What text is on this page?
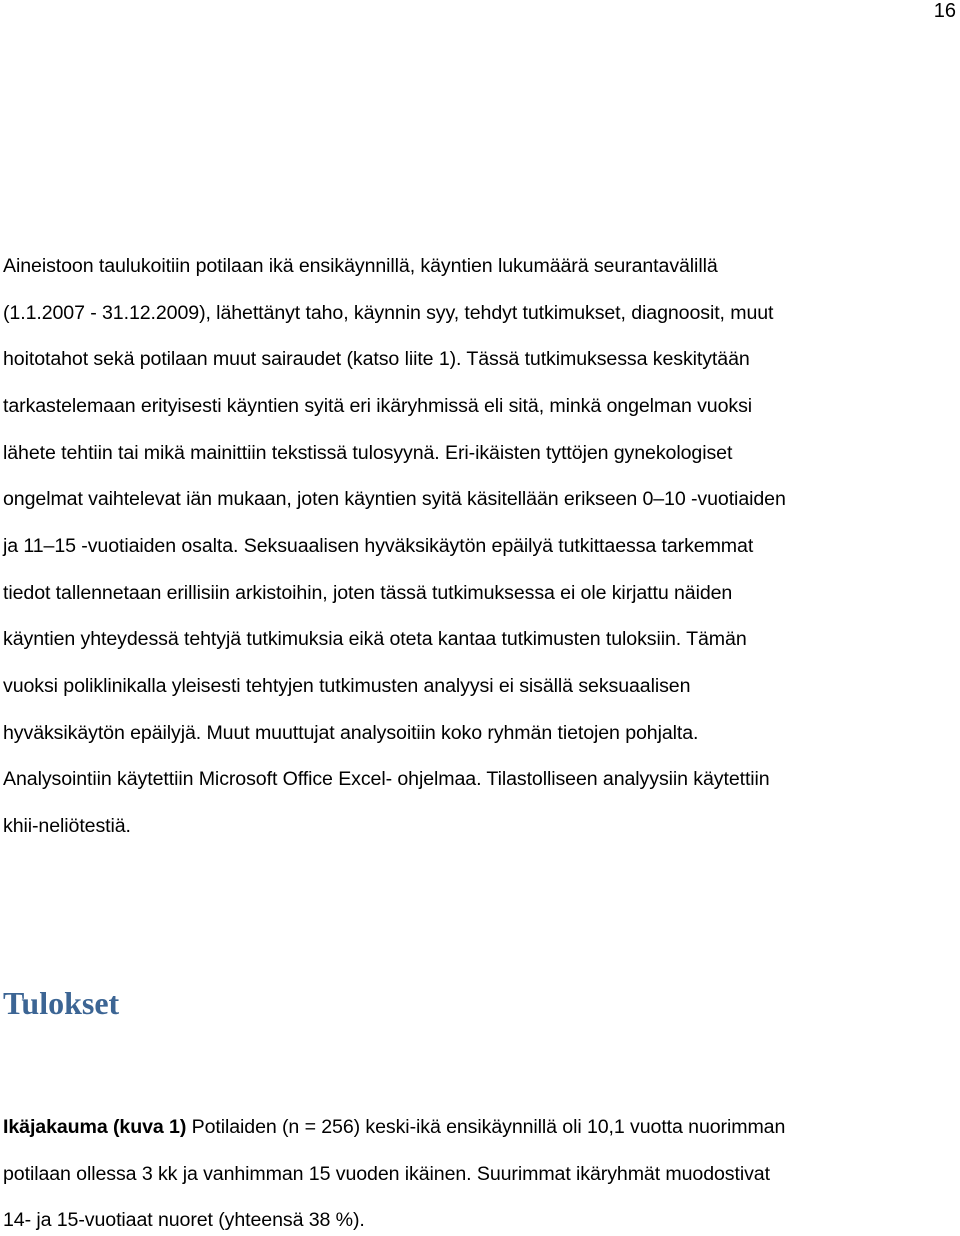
16
Aineistoon taulukoitiin potilaan ikä ensikäynnillä, käyntien lukumäärä seurantavälillä
(1.1.2007 - 31.12.2009), lähettänyt taho, käynnin syy, tehdyt tutkimukset, diagnoosit, muut
hoitotahot sekä potilaan muut sairaudet (katso liite 1). Tässä tutkimuksessa keskitytään
tarkastelemaan erityisesti käyntien syitä eri ikäryhmissä eli sitä, minkä ongelman vuoksi
lähete tehtiin tai mikä mainittiin tekstissä tulosyynä. Eri-ikäisten tyttöjen gynekologiset
ongelmat vaihtelevat iän mukaan, joten käyntien syitä käsitellään erikseen 0–10 -vuotiaiden
ja 11–15 -vuotiaiden osalta. Seksuaalisen hyväksikäytön epäilyä tutkittaessa tarkemmat
tiedot tallennetaan erillisiin arkistoihin, joten tässä tutkimuksessa ei ole kirjattu näiden
käyntien yhteydessä tehtyjä tutkimuksia eikä oteta kantaa tutkimusten tuloksiin. Tämän
vuoksi poliklinikalla yleisesti tehtyjen tutkimusten analyysi ei sisällä seksuaalisen
hyväksikäytön epäilyjä. Muut muuttujat analysoitiin koko ryhmän tietojen pohjalta.
Analysointiin käytettiin Microsoft Office Excel- ohjelmaa. Tilastolliseen analyysiin käytettiin
khii-neliötestiä.
Tulokset
Ikäjakauma (kuva 1) Potilaiden (n = 256) keski-ikä ensikäynnillä oli 10,1 vuotta nuorimman
potilaan ollessa 3 kk ja vanhimman 15 vuoden ikäinen. Suurimmat ikäryhmät muodostivat
14- ja 15-vuotiaat nuoret (yhteensä 38 %).
